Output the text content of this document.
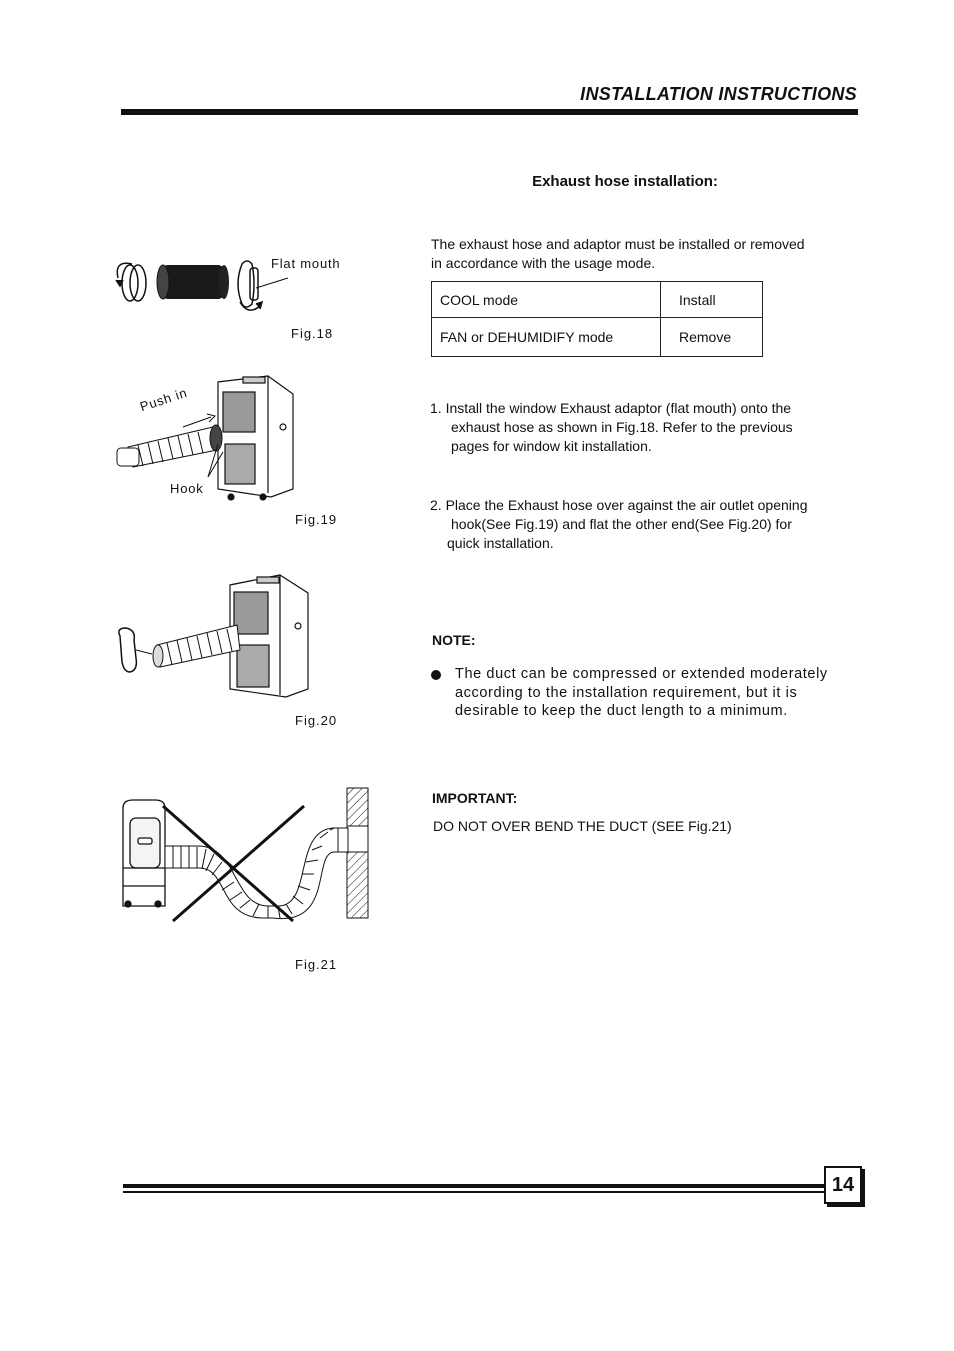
INSTALLATION INSTRUCTIONS
Exhaust hose installation:
The exhaust hose and adaptor must be installed or removed
in accordance with the usage mode.
COOL mode	Install
FAN or DEHUMIDIFY mode	Remove
1. Install the window Exhaust adaptor (flat mouth) onto the
exhaust hose as shown in Fig.18. Refer to the previous
pages for window kit installation.
2. Place the Exhaust hose over against the air outlet opening
hook(See Fig.19) and flat the other end(See Fig.20) for
quick installation.
NOTE:
The duct can be compressed or extended moderately
according to the installation requirement, but it is
desirable to keep the duct length to a minimum.
IMPORTANT:
DO NOT OVER BEND THE DUCT (SEE Fig.21)
Flat mouth
Fig.18
Push in
Hook
Fig.19
Fig.20
Fig.21
14
